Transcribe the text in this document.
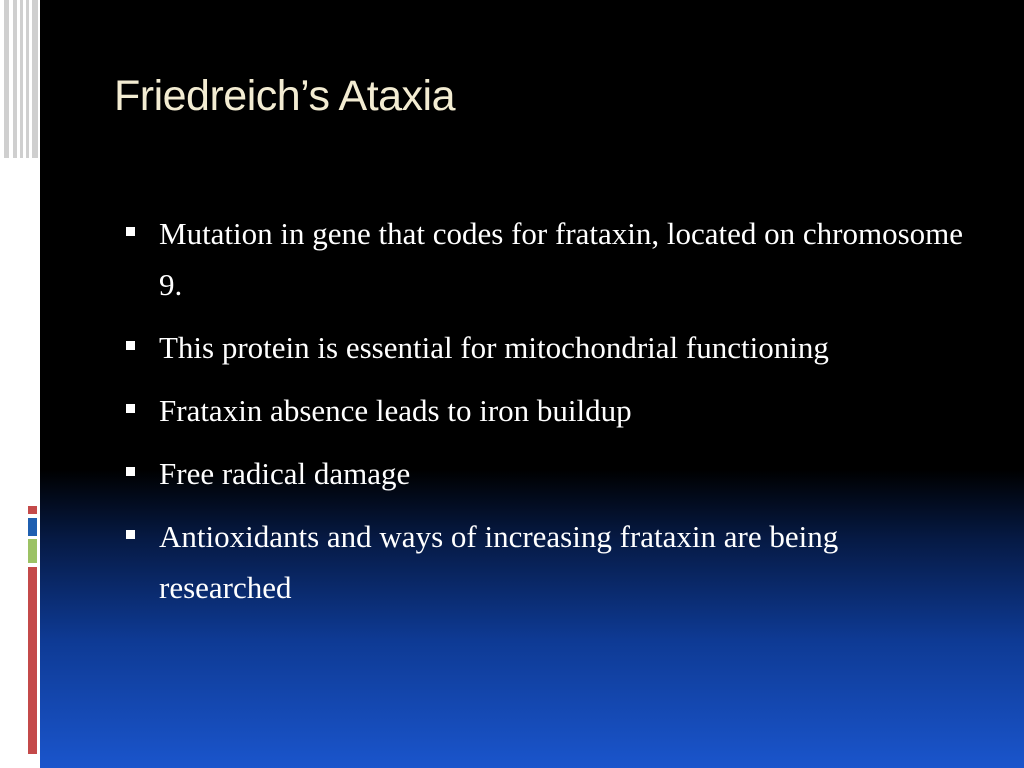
Friedreich’s Ataxia
Mutation in gene that codes for frataxin, located on chromosome 9.
This protein is essential for mitochondrial functioning
Frataxin absence leads to iron buildup
Free radical damage
Antioxidants and ways of increasing frataxin are being researched
